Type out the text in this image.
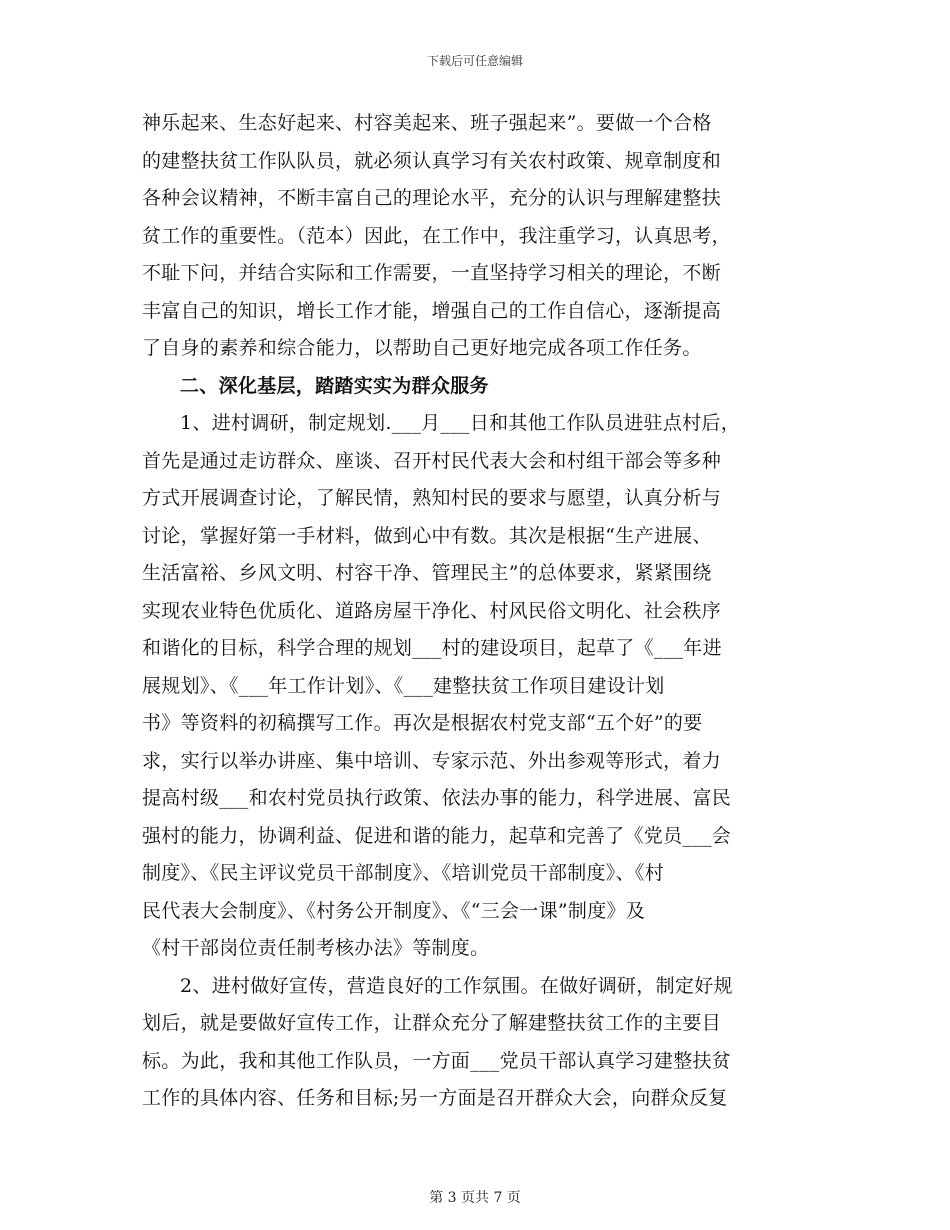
下载后可任意编辑
神乐起来、生态好起来、村容美起来、班子强起来”。要做一个合格
的建整扶贫工作队队员，就必须认真学习有关农村政策、规章制度和
各种会议精神，不断丰富自己的理论水平，充分的认识与理解建整扶
贫工作的重要性。（范本）因此，在工作中，我注重学习，认真思考，
不耻下问，并结合实际和工作需要，一直坚持学习相关的理论，不断
丰富自己的知识，增长工作才能，增强自己的工作自信心，逐渐提高
了自身的素养和综合能力，以帮助自己更好地完成各项工作任务。
二、深化基层，踏踏实实为群众服务
1、进村调研，制定规划.___月___日和其他工作队员进驻点村后，
首先是通过走访群众、座谈、召开村民代表大会和村组干部会等多种
方式开展调查讨论，了解民情，熟知村民的要求与愿望，认真分析与
讨论，掌握好第一手材料，做到心中有数。其次是根据“生产进展、
生活富裕、乡风文明、村容干净、管理民主”的总体要求，紧紧围绕
实现农业特色优质化、道路房屋干净化、村风民俗文明化、社会秩序
和谐化的目标，科学合理的规划___村的建设项目，起草了《___年进
展规划》、《___年工作计划》、《___建整扶贫工作项目建设计划
书》等资料的初稿撰写工作。再次是根据农村党支部“五个好”的要
求，实行以举办讲座、集中培训、专家示范、外出参观等形式，着力
提高村级___和农村党员执行政策、依法办事的能力，科学进展、富民
强村的能力，协调利益、促进和谐的能力，起草和完善了《党员___会
制度》、《民主评议党员干部制度》、《培训党员干部制度》、《村
民代表大会制度》、《村务公开制度》、《“三会一课”制度》及
《村干部岗位责任制考核办法》等制度。
2、进村做好宣传，营造良好的工作氛围。在做好调研，制定好规
划后，就是要做好宣传工作，让群众充分了解建整扶贫工作的主要目
标。为此，我和其他工作队员，一方面___党员干部认真学习建整扶贫
工作的具体内容、任务和目标;另一方面是召开群众大会，向群众反复
第 3 页共 7 页
